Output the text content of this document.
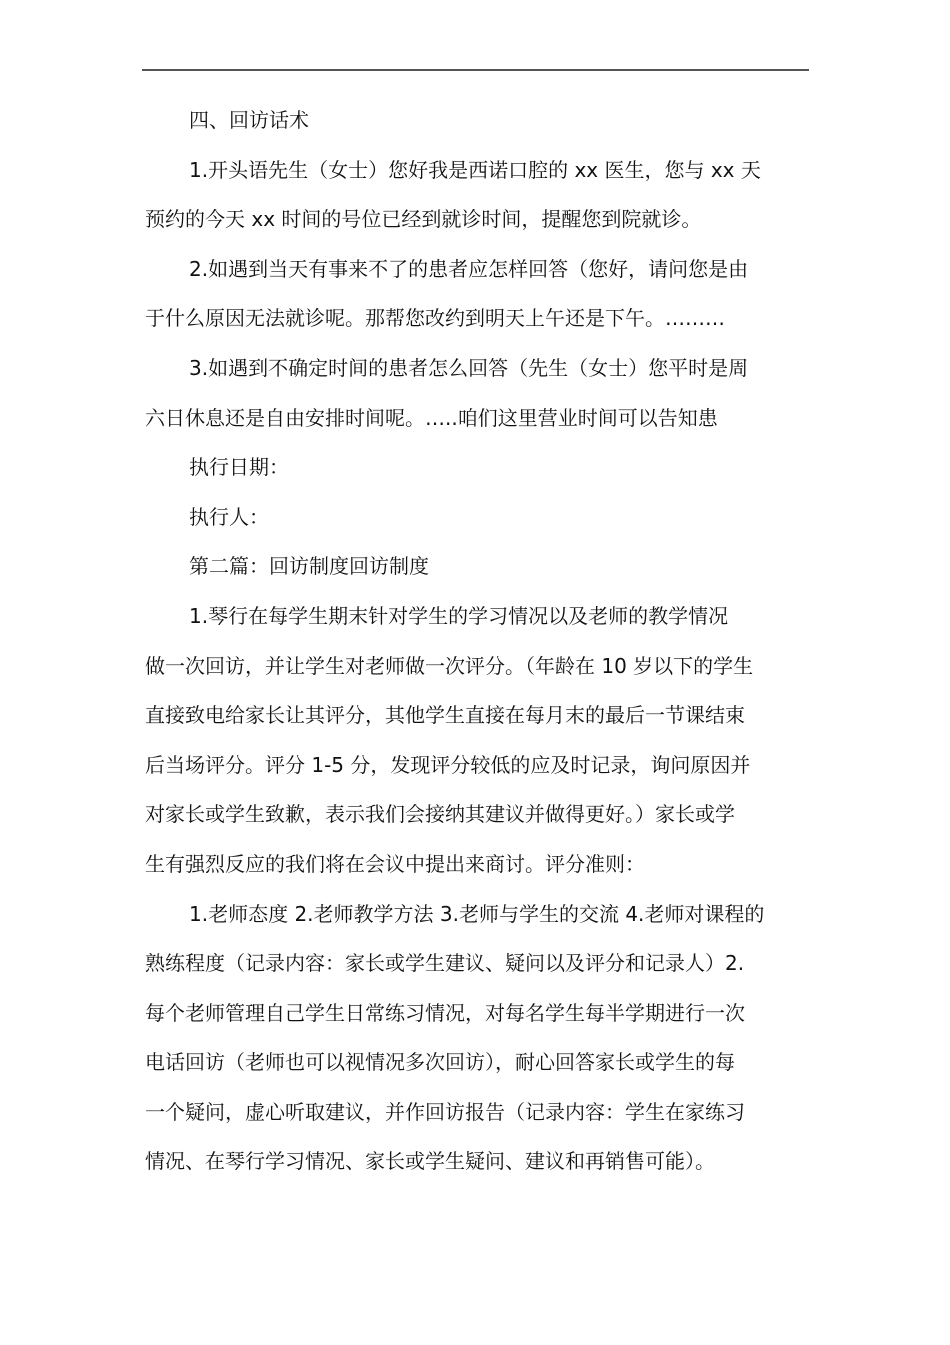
四、回访话术
1.开头语先生（女士）您好我是西诺口腔的 xx 医生，您与 xx 天
预约的今天 xx 时间的号位已经到就诊时间，提醒您到院就诊。
2.如遇到当天有事来不了的患者应怎样回答（您好，请问您是由
于什么原因无法就诊呢。那帮您改约到明天上午还是下午。………
3.如遇到不确定时间的患者怎么回答（先生（女士）您平时是周
六日休息还是自由安排时间呢。…..咱们这里营业时间可以告知患
执行日期：
执行人：
第二篇：回访制度回访制度
1.琴行在每学生期末针对学生的学习情况以及老师的教学情况
做一次回访，并让学生对老师做一次评分。（年龄在 10 岁以下的学生
直接致电给家长让其评分，其他学生直接在每月末的最后一节课结束
后当场评分。评分 1-5 分，发现评分较低的应及时记录，询问原因并
对家长或学生致歉，表示我们会接纳其建议并做得更好。）家长或学
生有强烈反应的我们将在会议中提出来商讨。评分准则：
1.老师态度 2.老师教学方法 3.老师与学生的交流 4.老师对课程的
熟练程度（记录内容：家长或学生建议、疑问以及评分和记录人）2.
每个老师管理自己学生日常练习情况，对每名学生每半学期进行一次
电话回访（老师也可以视情况多次回访），耐心回答家长或学生的每
一个疑问，虚心听取建议，并作回访报告（记录内容：学生在家练习
情况、在琴行学习情况、家长或学生疑问、建议和再销售可能）。
